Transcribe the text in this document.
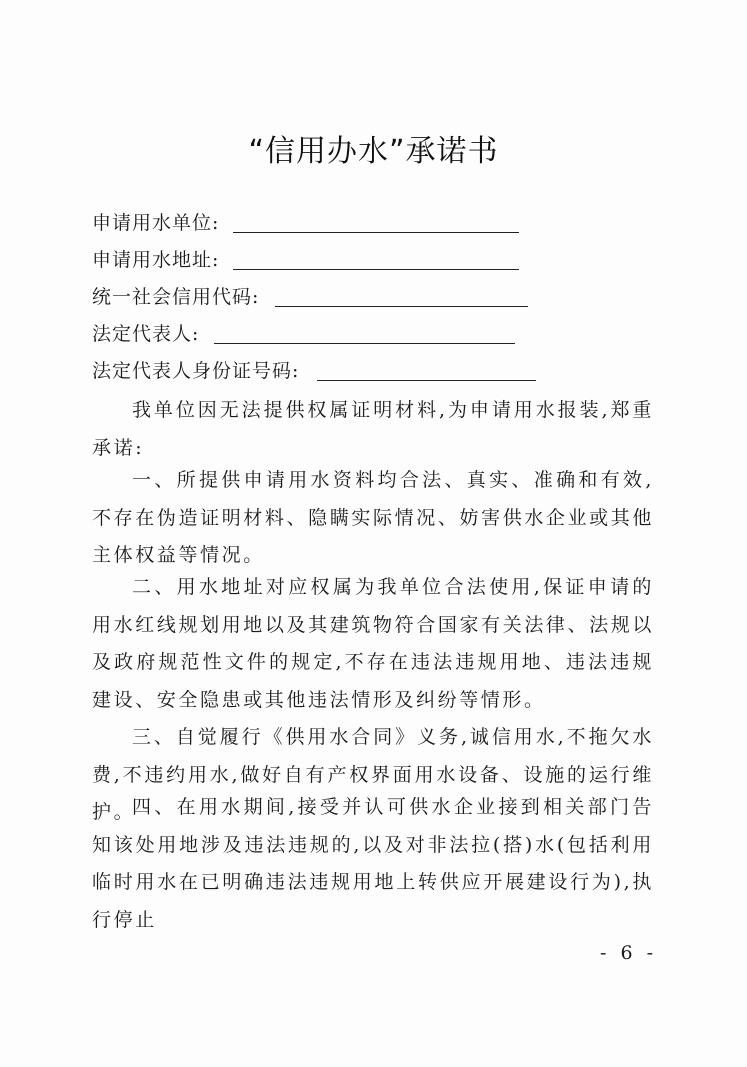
“信用办水”承诺书
申请用水单位:
申请用水地址:
统一社会信用代码:
法定代表人:
法定代表人身份证号码:

我单位因无法提供权属证明材料,为申请用水报装,郑重承诺:

一、所提供申请用水资料均合法、真实、准确和有效,不存在伪造证明材料、隐瞒实际情况、妨害供水企业或其他主体权益等情况。

二、用水地址对应权属为我单位合法使用,保证申请的用水红线规划用地以及其建筑物符合国家有关法律、法规以及政府规范性文件的规定,不存在违法违规用地、违法违规建设、安全隐患或其他违法情形及纠纷等情形。

三、自觉履行《供用水合同》义务,诚信用水,不拖欠水费,不违约用水,做好自有产权界面用水设备、设施的运行维护。

四、在用水期间,接受并认可供水企业接到相关部门告知该处用地涉及违法违规的,以及对非法拉(搭)水(包括利用临时用水在已明确违法违规用地上转供应开展建设行为),执行停止

- 6 -
